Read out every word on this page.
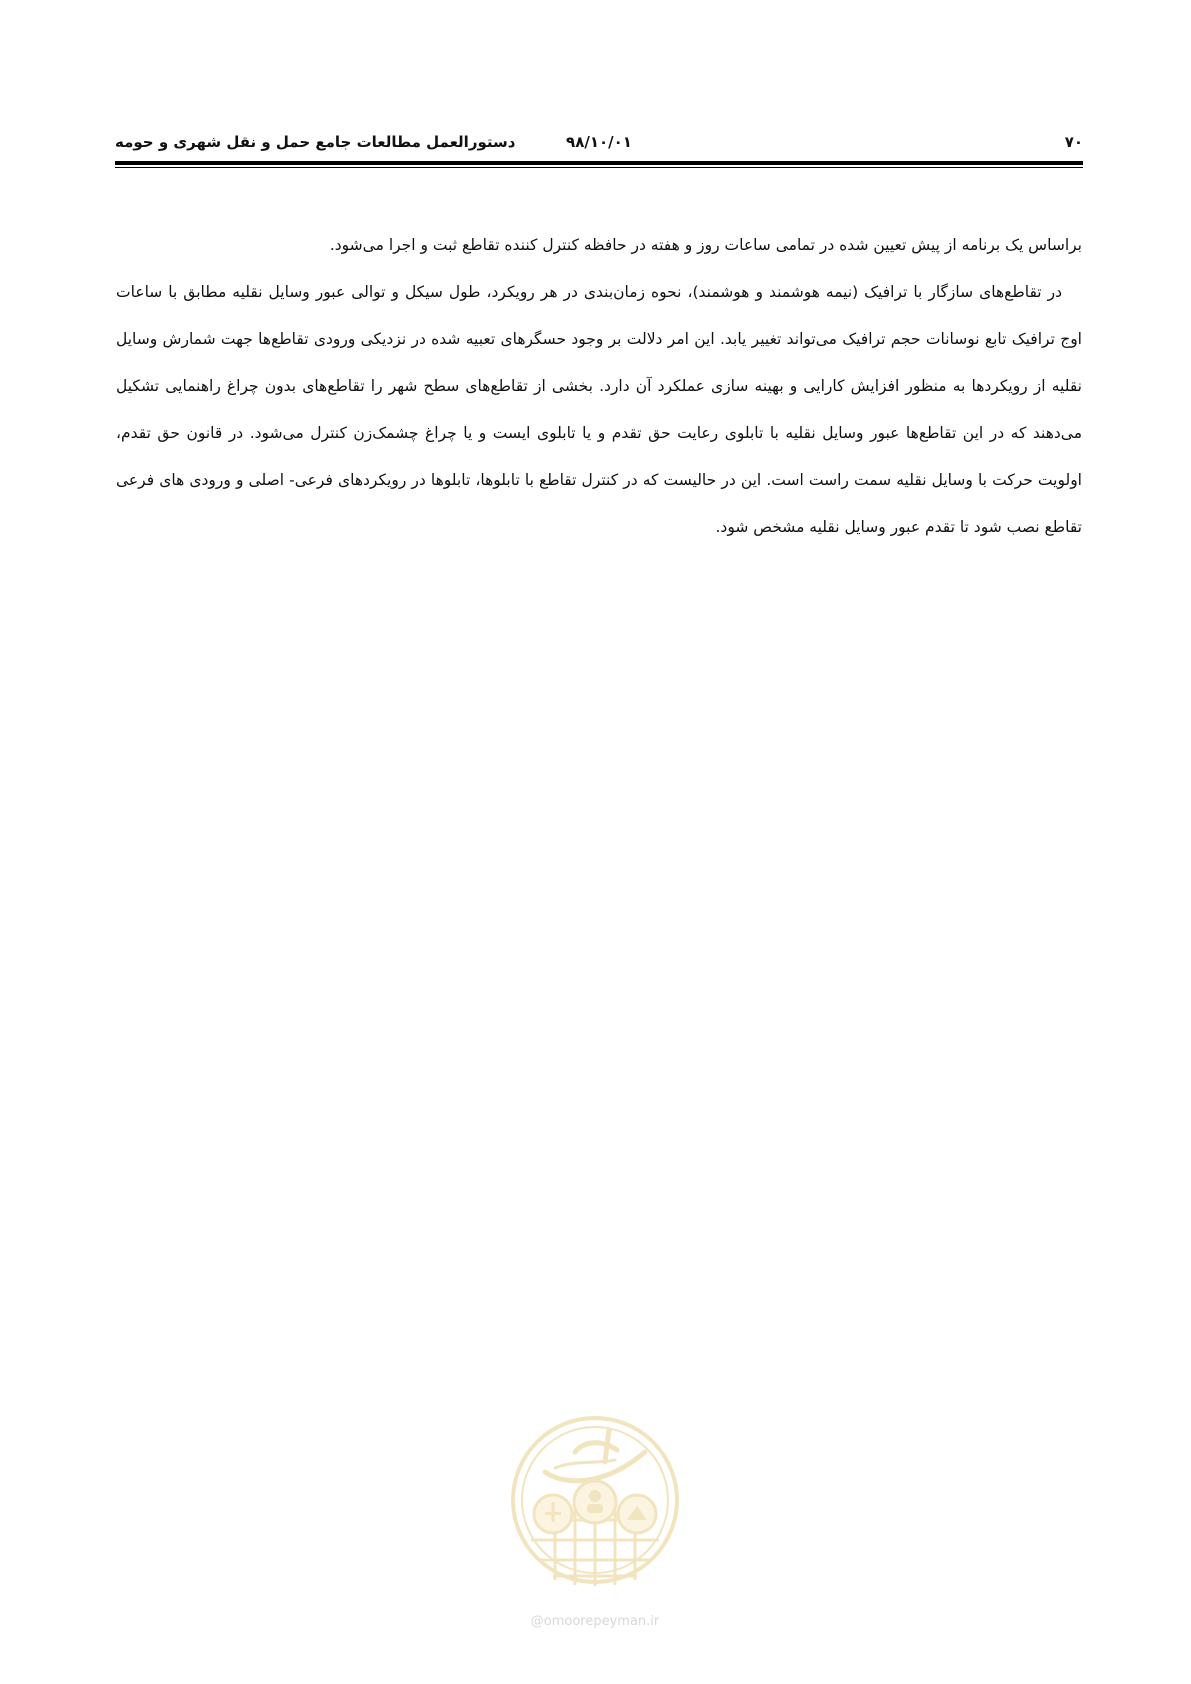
۷۰
۹۸/۱۰/۰۱
دستورالعمل مطالعات جامع حمل و نقل شهری و حومه

براساس یک برنامه از پیش تعیین شده در تمامی ساعات روز و هفته در حافظه کنترل کننده تقاطع ثبت و اجرا می‌شود.

در تقاطع‌های سازگار با ترافیک (نیمه هوشمند و هوشمند)، نحوه زمان‌بندی در هر رویکرد، طول سیکل و توالی عبور وسایل نقلیه مطابق با ساعات اوج ترافیک تابع نوسانات حجم ترافیک می‌تواند تغییر یابد. این امر دلالت بر وجود حسگرهای تعبیه شده در نزدیکی ورودی تقاطع‌ها جهت شمارش وسایل نقلیه از رویکردها به منظور افزایش کارایی و بهینه سازی عملکرد آن دارد. بخشی از تقاطع‌های سطح شهر را تقاطع‌های بدون چراغ راهنمایی تشکیل می‌دهند که در این تقاطع‌ها عبور وسایل نقلیه با تابلوی رعایت حق تقدم و یا تابلوی ایست و یا چراغ چشمک‌زن کنترل می‌شود. در قانون حق تقدم، اولویت حرکت با وسایل نقلیه سمت راست است. این در حالیست که در کنترل تقاطع با تابلوها، تابلوها در رویکردهای فرعی- اصلی و ورودی های فرعی تقاطع نصب شود تا تقدم عبور وسایل نقلیه مشخص شود.

@omoorepeyman.ir
